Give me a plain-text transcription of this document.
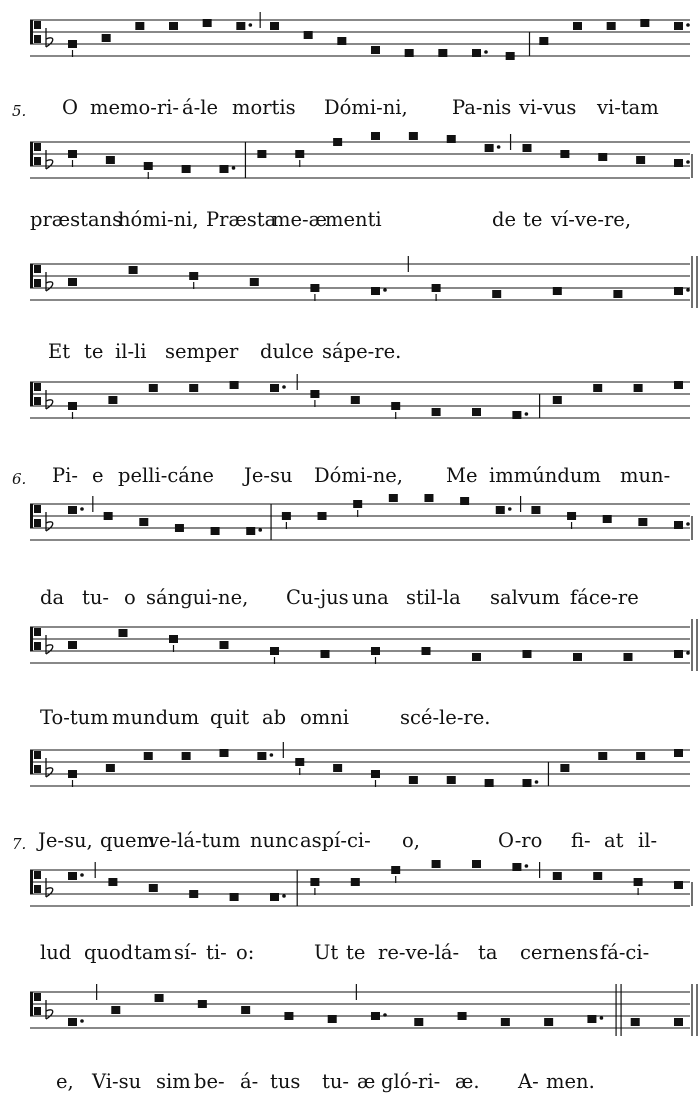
5. O memo-ri- á-le mortis Dómi-ni, Pa-nis vi-vus vi-tam
præstans
hómi-ni, Præsta
me-æ
menti	de te ví-ve-re,
Et te il-li semper dulce sápe-re.
6. Pi- e pelli-cáne Je-su Dómi-ne, Me immúndum mun-
da tu- o sángui-ne, Cu-jus una stil-la salvum fáce-re
To-tum mundum quit ab omni	scé-le-re.
7. Je-su, quem
ve-lá-tum nunc aspí-ci- o,	O-ro fi- at il-
lud quod tam sí- ti- o:	Ut te re-ve-lá- ta cernens fá-ci-
e, Vi-su sim be- á- tus tu- æ gló-ri- æ. A- men.
